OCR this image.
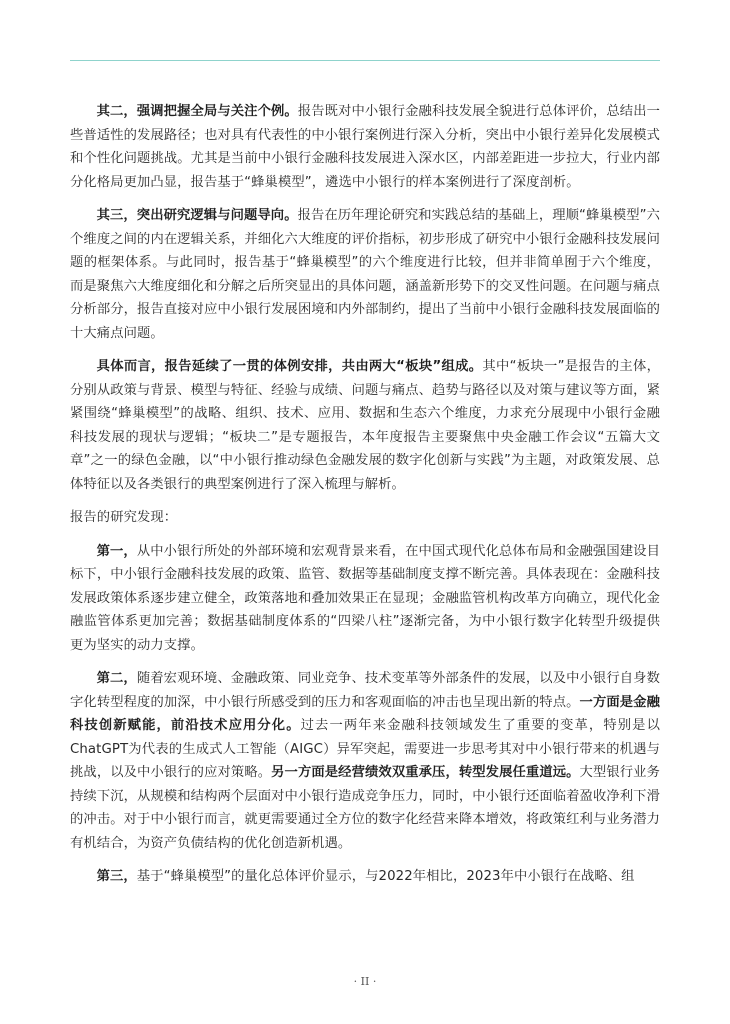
其二，强调把握全局与关注个例。报告既对中小银行金融科技发展全貌进行总体评价，总结出一些普适性的发展路径；也对具有代表性的中小银行案例进行深入分析，突出中小银行差异化发展模式和个性化问题挑战。尤其是当前中小银行金融科技发展进入深水区，内部差距进一步拉大，行业内部分化格局更加凸显，报告基于“蜂巢模型”，遴选中小银行的样本案例进行了深度剖析。

其三，突出研究逻辑与问题导向。报告在历年理论研究和实践总结的基础上，理顺“蜂巢模型”六个维度之间的内在逻辑关系，并细化六大维度的评价指标，初步形成了研究中小银行金融科技发展问题的框架体系。与此同时，报告基于“蜂巢模型”的六个维度进行比较，但并非简单囿于六个维度，而是聚焦六大维度细化和分解之后所突显出的具体问题，涵盖新形势下的交叉性问题。在问题与痛点分析部分，报告直接对应中小银行发展困境和内外部制约，提出了当前中小银行金融科技发展面临的十大痛点问题。

具体而言，报告延续了一贯的体例安排，共由两大“板块”组成。其中“板块一”是报告的主体，分别从政策与背景、模型与特征、经验与成绩、问题与痛点、趋势与路径以及对策与建议等方面，紧紧围绕“蜂巢模型”的战略、组织、技术、应用、数据和生态六个维度，力求充分展现中小银行金融科技发展的现状与逻辑；“板块二”是专题报告，本年度报告主要聚焦中央金融工作会议“五篇大文章”之一的绿色金融，以“中小银行推动绿色金融发展的数字化创新与实践”为主题，对政策发展、总体特征以及各类银行的典型案例进行了深入梳理与解析。

报告的研究发现：

第一，从中小银行所处的外部环境和宏观背景来看，在中国式现代化总体布局和金融强国建设目标下，中小银行金融科技发展的政策、监管、数据等基础制度支撑不断完善。具体表现在：金融科技发展政策体系逐步建立健全，政策落地和叠加效果正在显现；金融监管机构改革方向确立，现代化金融监管体系更加完善；数据基础制度体系的“四梁八柱”逐渐完备，为中小银行数字化转型升级提供更为坚实的动力支撑。

第二，随着宏观环境、金融政策、同业竞争、技术变革等外部条件的发展，以及中小银行自身数字化转型程度的加深，中小银行所感受到的压力和客观面临的冲击也呈现出新的特点。一方面是金融科技创新赋能，前沿技术应用分化。过去一两年来金融科技领域发生了重要的变革，特别是以ChatGPT为代表的生成式人工智能（AIGC）异军突起，需要进一步思考其对中小银行带来的机遇与挑战，以及中小银行的应对策略。另一方面是经营绩效双重承压，转型发展任重道远。大型银行业务持续下沉，从规模和结构两个层面对中小银行造成竞争压力，同时，中小银行还面临着盈收净利下滑的冲击。对于中小银行而言，就更需要通过全方位的数字化经营来降本增效，将政策红利与业务潜力有机结合，为资产负债结构的优化创造新机遇。

第三，基于“蜂巢模型”的量化总体评价显示，与2022年相比，2023年中小银行在战略、组

· II ·
